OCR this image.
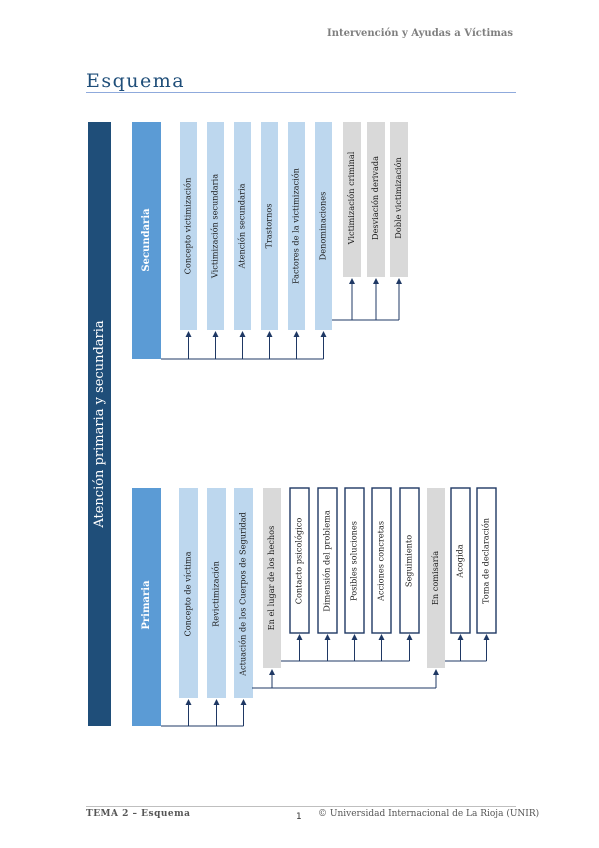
Intervención y Ayudas a Víctimas
Esquema
Atención primaria y secundaria
Secundaria	Concepto victimización Victimización secundaria Atención secundaria Trastornos Factores de la victimización Denominaciones Victimización criminal Desviación derivada Doble victimización
Primaria	Concepto de víctima Revictimización Actuación de los Cuerpos de Seguridad En el lugar de los hechos	En comisaría
Contacto psicológico Dimensión del problema Posibles soluciones Acciones concretas Seguimiento	Acogida Toma de declaración
TEMA 2 – Esquema	1 © Universidad Internacional de La Rioja (UNIR)
